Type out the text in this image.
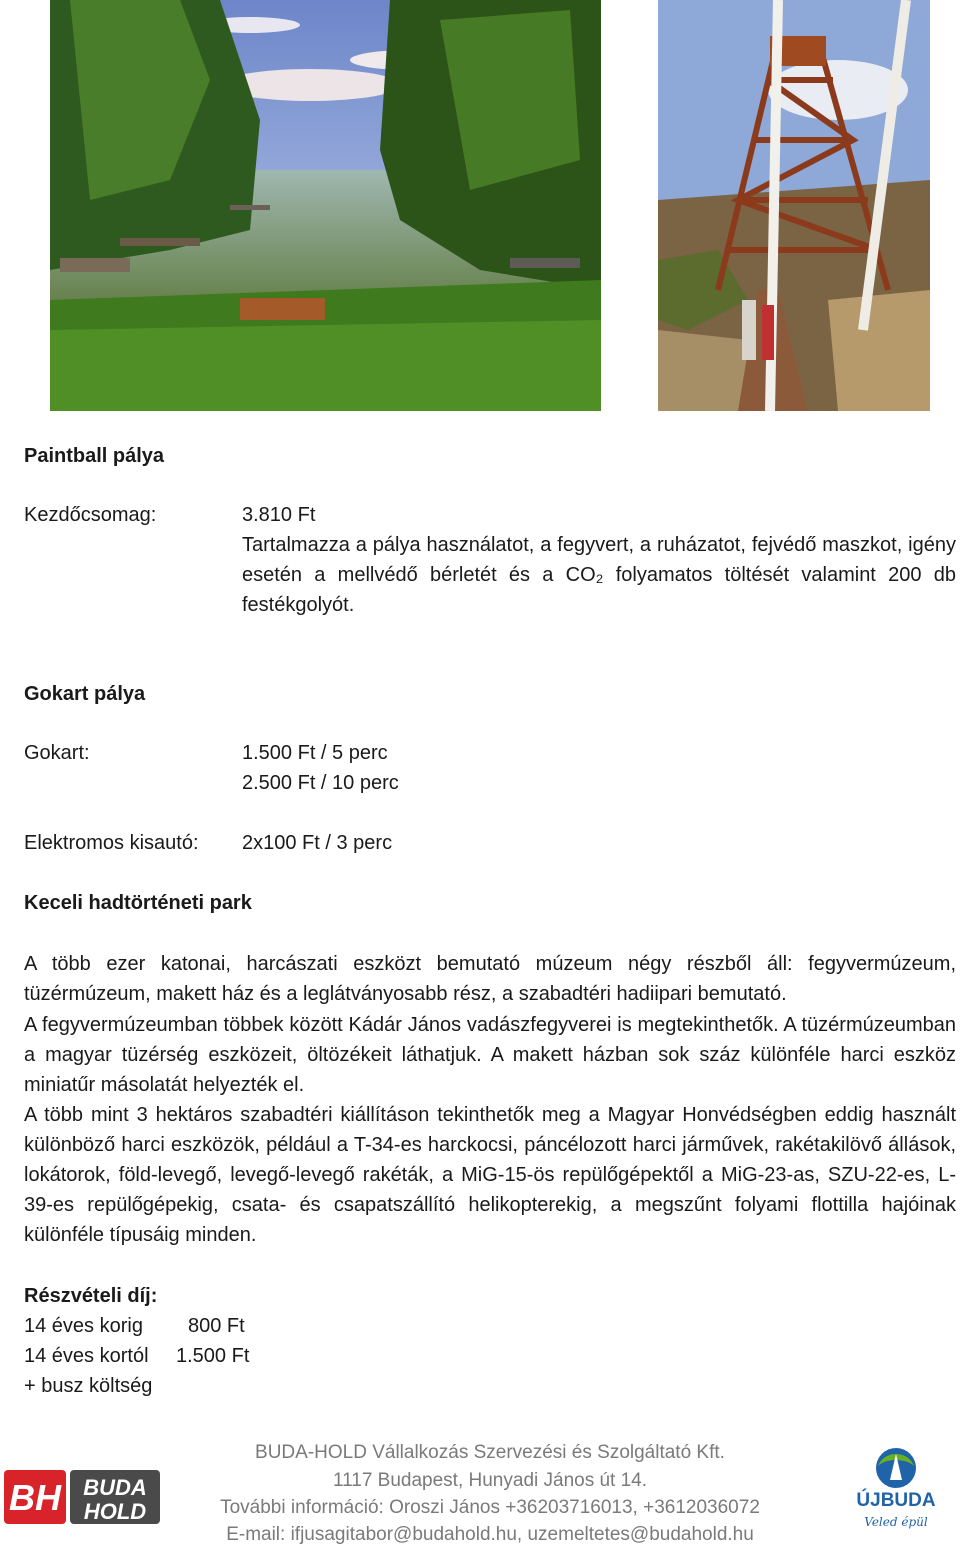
Paintball pálya
Kezdőcsomag:	3.810 Ft
Tartalmazza a pálya használatot, a fegyvert, a ruházatot, fejvédő maszkot, igény esetén a mellvédő bérletét és a CO₂ folyamatos töltését valamint 200 db festékgolyót.
Gokart pálya
Gokart:	1.500 Ft / 5 perc
2.500 Ft / 10 perc
Elektromos kisautó: 2x100 Ft / 3 perc
Keceli hadtörténeti park
A több ezer katonai, harcászati eszközt bemutató múzeum négy részből áll: fegyvermúzeum, tüzérmúzeum, makett ház és a leglátványosabb rész, a szabadtéri hadiipari bemutató.
A fegyvermúzeumban többek között Kádár János vadászfegyverei is megtekinthetők. A tüzérmúzeumban a magyar tüzérség eszközeit, öltözékeit láthatjuk. A makett házban sok száz különféle harci eszköz miniatűr másolatát helyezték el.
A több mint 3 hektáros szabadtéri kiállításon tekinthetők meg a Magyar Honvédségben eddig használt különböző harci eszközök, például a T-34-es harckocsi, páncélozott harci járművek, rakétakilövő állások, lokátorok, föld-levegő, levegő-levegő rakéták, a MiG-15-ös repülőgépektől a MiG-23-as, SZU-22-es, L-39-es repülőgépekig, csata- és csapatszállító helikopterekig, a megszűnt folyami flottilla hajóinak különféle típusáig minden.
Részvételi díj:
14 éves korig 800 Ft
14 éves kortól 1.500 Ft
+ busz költség
BUDA-HOLD Vállalkozás Szervezési és Szolgáltató Kft.
1117 Budapest, Hunyadi János út 14.
További információ: Oroszi János +36203716013, +3612036072
E-mail: ifjusagitabor@budahold.hu, uzemeltetes@budahold.hu
BH BUDA
HOLD	ÚJBUDA
Veled épül
